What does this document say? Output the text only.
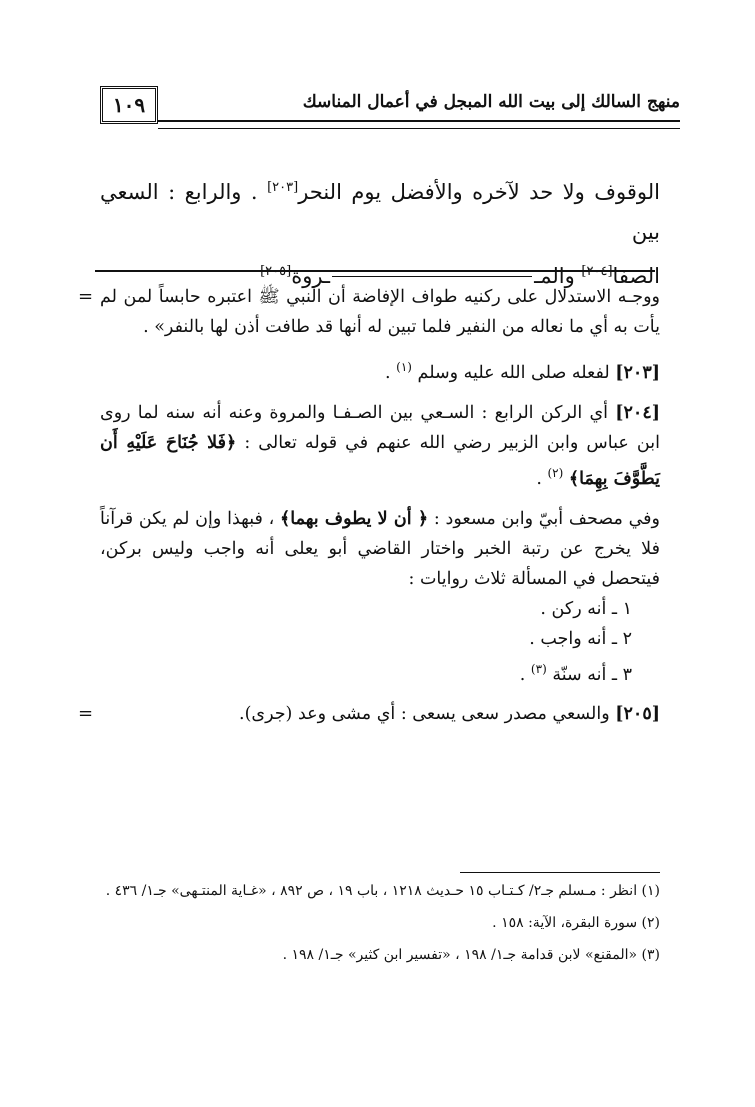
منهج السالك إلى بيت الله المبجل في أعمال المناسك
١٠٩

الوقوف ولا حد لآخره والأفضل يوم النحر[٢٠٣] . والرابع : السعي بين

الصفا[٢٠٤] والمــروة[٢٠٥]

= ووجـه الاستدلال على ركنيه طواف الإفاضة أن النبي ﷺ اعتبره حابساً لمن لم يأت به أي ما نعاله من النفير فلما تبين له أنها قد طافت أذن لها بالنفر» .

[٢٠٣] لفعله صلى الله عليه وسلم $^{(١)}$ .

[٢٠٤] أي الركن الرابع : السـعي بين الصـفـا والمروة وعنه أنه سنه لما روى ابن عباس وابن الزبير رضي الله عنهم في قوله تعالى : ﴿فَلا جُنَاحَ عَلَيْهِ أَن يَطَّوَّفَ بِهِمَا﴾ $^{(٢)}$ .

وفي مصحف أبيّ وابن مسعود : ﴿ أن لا يطوف بهما﴾ ، فبهذا وإن لم يكن قرآناً فلا يخرج عن رتبة الخبر واختار القاضي أبو يعلى أنه واجب وليس بركن، فيتحصل في المسألة ثلاث روايات :

١ ـ أنه ركن .
٢ ـ أنه واجب .
٣ ـ أنه سنّة $^{(٣)}$ .
=	[٢٠٥] والسعي مصدر سعى يسعى : أي مشى وعد (جرى).

(١) انظر : مـسلم جـ٢/ كـتـاب ١٥ حـديث ١٢١٨ ، باب ١٩ ، ص ٨٩٢ ، «غـاية المنتـهى» جـ١/ ٤٣٦ .

(٢) سورة البقرة، الآية: ١٥٨ .

(٣) «المقنع» لابن قدامة جـ١/ ١٩٨ ، «تفسير ابن كثير» جـ١/ ١٩٨ .
